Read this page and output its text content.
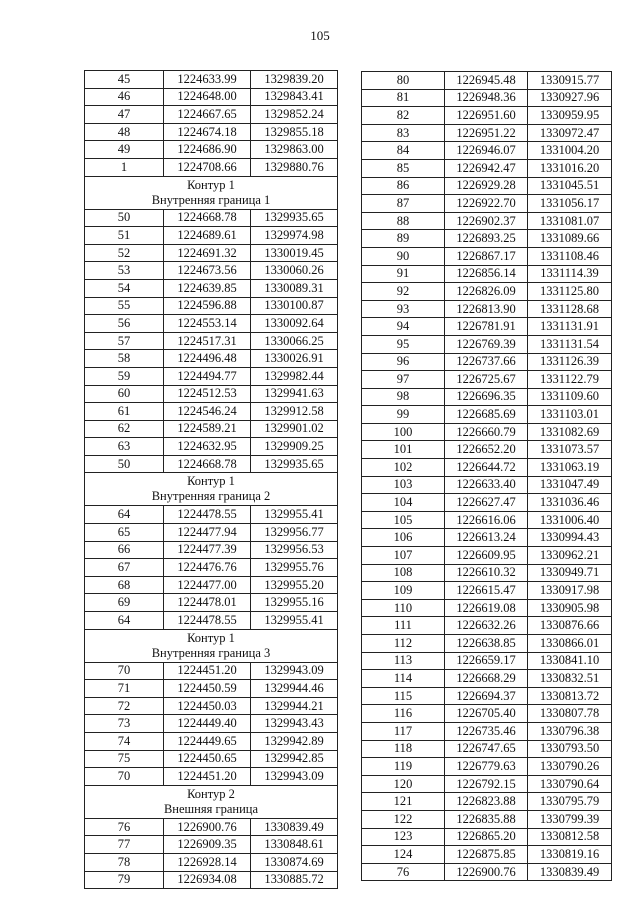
105
45	1224633.99	1329839.20
46	1224648.00	1329843.41
47	1224667.65	1329852.24
48	1224674.18	1329855.18
49	1224686.90	1329863.00
1	1224708.66	1329880.76

Контур 1
Внутренняя граница 1		

50	1224668.78	1329935.65
51	1224689.61	1329974.98
52	1224691.32	1330019.45
53	1224673.56	1330060.26
54	1224639.85	1330089.31
55	1224596.88	1330100.87
56	1224553.14	1330092.64
57	1224517.31	1330066.25
58	1224496.48	1330026.91
59	1224494.77	1329982.44
60	1224512.53	1329941.63
61	1224546.24	1329912.58
62	1224589.21	1329901.02
63	1224632.95	1329909.25
50	1224668.78	1329935.65

Контур 1
Внутренняя граница 2		

64	1224478.55	1329955.41
65	1224477.94	1329956.77
66	1224477.39	1329956.53
67	1224476.76	1329955.76
68	1224477.00	1329955.20
69	1224478.01	1329955.16
64	1224478.55	1329955.41

Контур 1
Внутренняя граница 3		

70	1224451.20	1329943.09
71	1224450.59	1329944.46
72	1224450.03	1329944.21
73	1224449.40	1329943.43
74	1224449.65	1329942.89
75	1224450.65	1329942.85
70	1224451.20	1329943.09

Контур 2
Внешняя граница		

76	1226900.76	1330839.49
77	1226909.35	1330848.61
78	1226928.14	1330874.69
79	1226934.08	1330885.72
80	1226945.48	1330915.77
81	1226948.36	1330927.96
82	1226951.60	1330959.95
83	1226951.22	1330972.47
84	1226946.07	1331004.20
85	1226942.47	1331016.20
86	1226929.28	1331045.51
87	1226922.70	1331056.17
88	1226902.37	1331081.07
89	1226893.25	1331089.66
90	1226867.17	1331108.46
91	1226856.14	1331114.39
92	1226826.09	1331125.80
93	1226813.90	1331128.68
94	1226781.91	1331131.91
95	1226769.39	1331131.54
96	1226737.66	1331126.39
97	1226725.67	1331122.79
98	1226696.35	1331109.60
99	1226685.69	1331103.01
100	1226660.79	1331082.69
101	1226652.20	1331073.57
102	1226644.72	1331063.19
103	1226633.40	1331047.49
104	1226627.47	1331036.46
105	1226616.06	1331006.40
106	1226613.24	1330994.43
107	1226609.95	1330962.21
108	1226610.32	1330949.71
109	1226615.47	1330917.98
110	1226619.08	1330905.98
111	1226632.26	1330876.66
112	1226638.85	1330866.01
113	1226659.17	1330841.10
114	1226668.29	1330832.51
115	1226694.37	1330813.72
116	1226705.40	1330807.78
117	1226735.46	1330796.38
118	1226747.65	1330793.50
119	1226779.63	1330790.26
120	1226792.15	1330790.64
121	1226823.88	1330795.79
122	1226835.88	1330799.39
123	1226865.20	1330812.58
124	1226875.85	1330819.16
76	1226900.76	1330839.49
